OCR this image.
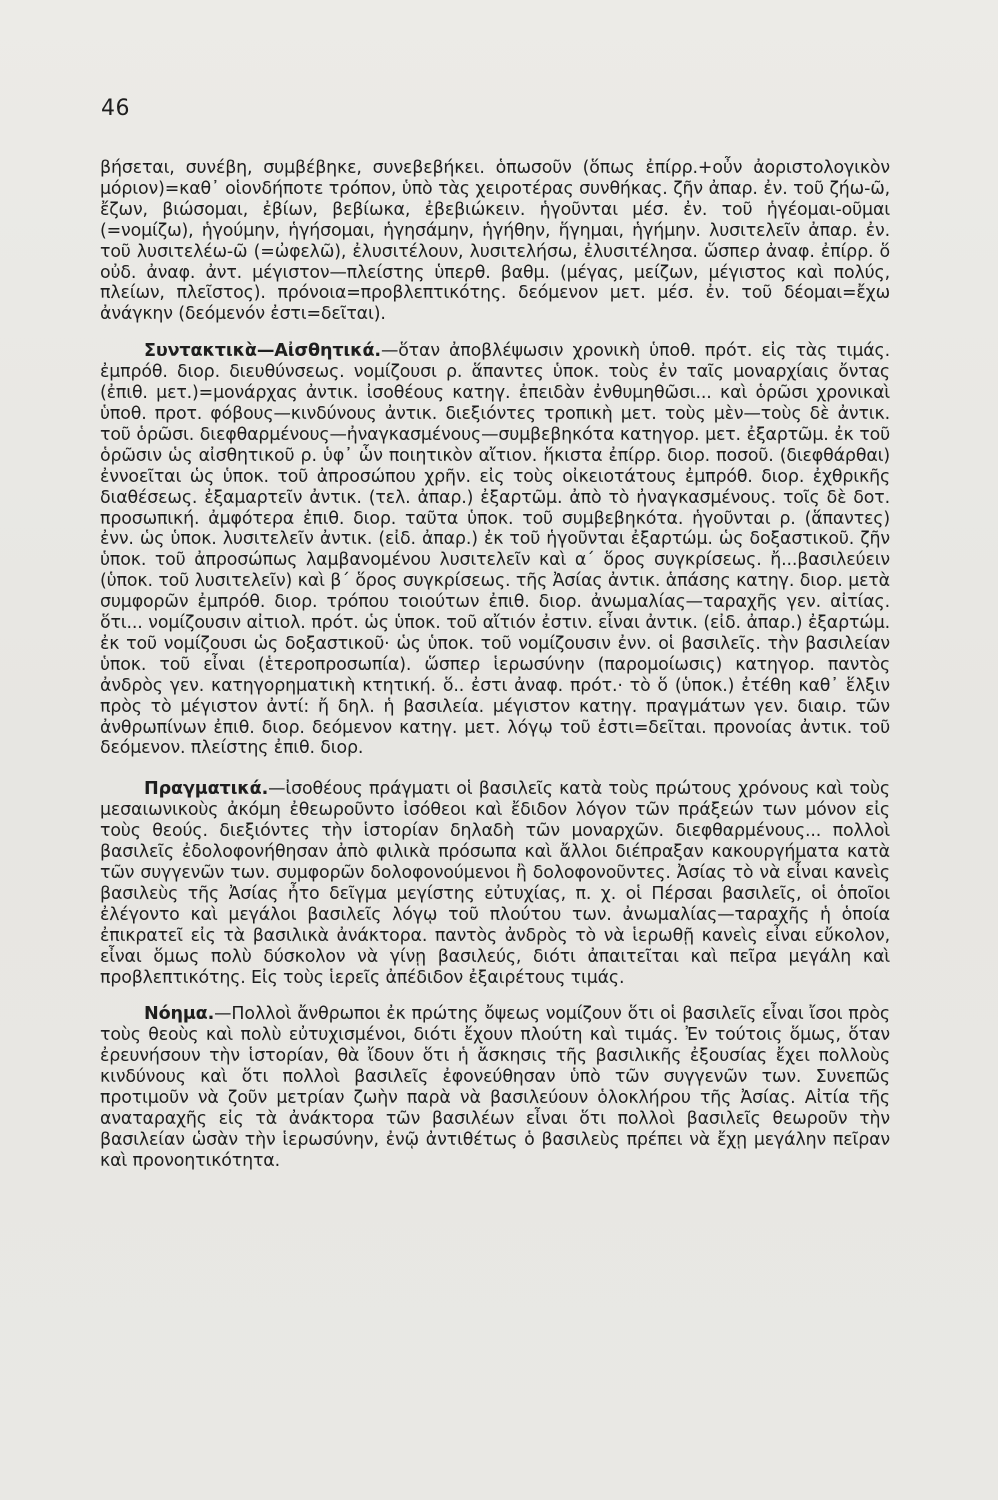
46

βήσεται, συνέβη, συμβέβηκε, συνεβεβήκει. ὁπωσοῦν (ὅπως ἐπίρρ.+οὖν ἀοριστολογικὸν μόριον)=καθ᾽ οἱονδήποτε τρόπον, ὑπὸ τὰς χειροτέρας συνθήκας. ζῆν ἀπαρ. ἐν. τοῦ ζήω-ῶ, ἔζων, βιώσομαι, ἐβίων, βεβίωκα, ἐβεβιώκειν. ἡγοῦνται μέσ. ἐν. τοῦ ἡγέομαι-οῦμαι (=νομίζω), ἡγούμην, ἡγήσομαι, ἡγησάμην, ἡγήθην, ἥγημαι, ἡγήμην. λυσιτελεῖν ἀπαρ. ἐν. τοῦ λυσιτελέω-ῶ (=ὠφελῶ), ἐλυσιτέλουν, λυσιτελήσω, ἐλυσιτέλησα. ὥσπερ ἀναφ. ἐπίρρ. ὅ οὐδ. ἀναφ. ἀντ. μέγιστον—πλείστης ὑπερθ. βαθμ. (μέγας, μείζων, μέγιστος καὶ πολύς, πλείων, πλεῖστος). πρόνοια=προβλεπτικότης. δεόμενον μετ. μέσ. ἐν. τοῦ δέομαι=ἔχω ἀνάγκην (δεόμενόν ἐστι=δεῖται).

Συντακτικὰ—Αἰσθητικά.—ὅταν ἀποβλέψωσιν χρονικὴ ὑποθ. πρότ. εἰς τὰς τιμάς. ἐμπρόθ. διορ. διευθύνσεως. νομίζουσι ρ. ἅπαντες ὑποκ. τοὺς ἐν ταῖς μοναρχίαις ὄντας (ἐπιθ. μετ.)=μονάρχας ἀντικ. ἰσοθέους κατηγ. ἐπειδὰν ἐνθυμηθῶσι... καὶ ὁρῶσι χρονικαὶ ὑποθ. προτ. φόβους—κινδύνους ἀντικ. διεξιόντες τροπικὴ μετ. τοὺς μὲν—τοὺς δὲ ἀντικ. τοῦ ὁρῶσι. διεφθαρμένους—ἠναγκασμένους—συμβεβηκότα κατηγορ. μετ. ἐξαρτῶμ. ἐκ τοῦ ὁρῶσιν ὡς αἰσθητικοῦ ρ. ὑφ᾽ ὧν ποιητικὸν αἴτιον. ἥκιστα ἐπίρρ. διορ. ποσοῦ. (διεφθάρθαι) ἐννοεῖται ὡς ὑποκ. τοῦ ἀπροσώπου χρῆν. εἰς τοὺς οἰκειοτάτους ἐμπρόθ. διορ. ἐχθρικῆς διαθέσεως. ἐξαμαρτεῖν ἀντικ. (τελ. ἀπαρ.) ἐξαρτῶμ. ἀπὸ τὸ ἠναγκασμένους. τοῖς δὲ δοτ. προσωπική. ἀμφότερα ἐπιθ. διορ. ταῦτα ὑποκ. τοῦ συμβεβηκότα. ἡγοῦνται ρ. (ἅπαντες) ἐνν. ὡς ὑποκ. λυσιτελεῖν ἀντικ. (εἰδ. ἀπαρ.) ἐκ τοῦ ἡγοῦνται ἐξαρτώμ. ὡς δοξαστικοῦ. ζῆν ὑποκ. τοῦ ἀπροσώπως λαμβανομένου λυσιτελεῖν καὶ α΄ ὅρος συγκρίσεως. ἤ...βασιλεύειν (ὑποκ. τοῦ λυσιτελεῖν) καὶ β΄ ὅρος συγκρίσεως. τῆς Ἀσίας ἀντικ. ἁπάσης κατηγ. διορ. μετὰ συμφορῶν ἐμπρόθ. διορ. τρόπου τοιούτων ἐπιθ. διορ. ἀνωμαλίας—ταραχῆς γεν. αἰτίας. ὅτι... νομίζουσιν αἰτιολ. πρότ. ὡς ὑποκ. τοῦ αἴτιόν ἐστιν. εἶναι ἀντικ. (εἰδ. ἀπαρ.) ἐξαρτώμ. ἐκ τοῦ νομίζουσι ὡς δοξαστικοῦ· ὡς ὑποκ. τοῦ νομίζουσιν ἐνν. οἱ βασιλεῖς. τὴν βασιλείαν ὑποκ. τοῦ εἶναι (ἑτεροπροσωπία). ὥσπερ ἱερωσύνην (παρομοίωσις) κατηγορ. παντὸς ἀνδρὸς γεν. κατηγορηματικὴ κτητική. ὅ.. ἐστι ἀναφ. πρότ.· τὸ ὅ (ὑποκ.) ἐτέθη καθ᾽ ἕλξιν πρὸς τὸ μέγιστον ἀντί: ἤ δηλ. ἡ βασιλεία. μέγιστον κατηγ. πραγμάτων γεν. διαιρ. τῶν ἀνθρωπίνων ἐπιθ. διορ. δεόμενον κατηγ. μετ. λόγῳ τοῦ ἐστι=δεῖται. προνοίας ἀντικ. τοῦ δεόμενον. πλείστης ἐπιθ. διορ.

Πραγματικά.—ἰσοθέους πράγματι οἱ βασιλεῖς κατὰ τοὺς πρώτους χρόνους καὶ τοὺς μεσαιωνικοὺς ἀκόμη ἐθεωροῦντο ἰσόθεοι καὶ ἔδιδον λόγον τῶν πράξεών των μόνον εἰς τοὺς θεούς. διεξιόντες τὴν ἱστορίαν δηλαδὴ τῶν μοναρχῶν. διεφθαρμένους... πολλοὶ βασιλεῖς ἐδολοφονήθησαν ἀπὸ φιλικὰ πρόσωπα καὶ ἄλλοι διέπραξαν κακουργήματα κατὰ τῶν συγγενῶν των. συμφορῶν δολοφονούμενοι ἢ δολοφονοῦντες. Ἀσίας τὸ νὰ εἶναι κανεὶς βασιλεὺς τῆς Ἀσίας ἦτο δεῖγμα μεγίστης εὐτυχίας, π. χ. οἱ Πέρσαι βασιλεῖς, οἱ ὁποῖοι ἐλέγοντο καὶ μεγάλοι βασιλεῖς λόγῳ τοῦ πλούτου των. ἀνωμαλίας—ταραχῆς ἡ ὁποία ἐπικρατεῖ εἰς τὰ βασιλικὰ ἀνάκτορα. παντὸς ἀνδρὸς τὸ νὰ ἱερωθῇ κανεὶς εἶναι εὔκολον, εἶναι ὅμως πολὺ δύσκολον νὰ γίνῃ βασιλεύς, διότι ἀπαιτεῖται καὶ πεῖρα μεγάλη καὶ προβλεπτικότης. Εἰς τοὺς ἱερεῖς ἀπέδιδον ἐξαιρέτους τιμάς.

Νόημα.—Πολλοὶ ἄνθρωποι ἐκ πρώτης ὄψεως νομίζουν ὅτι οἱ βασιλεῖς εἶναι ἴσοι πρὸς τοὺς θεοὺς καὶ πολὺ εὐτυχισμένοι, διότι ἔχουν πλούτη καὶ τιμάς. Ἐν τούτοις ὅμως, ὅταν ἐρευνήσουν τὴν ἱστορίαν, θὰ ἴδουν ὅτι ἡ ἄσκησις τῆς βασιλικῆς ἐξουσίας ἔχει πολλοὺς κινδύνους καὶ ὅτι πολλοὶ βασιλεῖς ἐφονεύθησαν ὑπὸ τῶν συγγενῶν των. Συνεπῶς προτιμοῦν νὰ ζοῦν μετρίαν ζωὴν παρὰ νὰ βασιλεύουν ὁλοκλήρου τῆς Ἀσίας. Αἰτία τῆς αναταραχῆς εἰς τὰ ἀνάκτορα τῶν βασιλέων εἶναι ὅτι πολλοὶ βασιλεῖς θεωροῦν τὴν βασιλείαν ὡσὰν τὴν ἱερωσύνην, ἐνῷ ἀντιθέτως ὁ βασιλεὺς πρέπει νὰ ἔχῃ μεγάλην πεῖραν καὶ προνοητικότητα.
